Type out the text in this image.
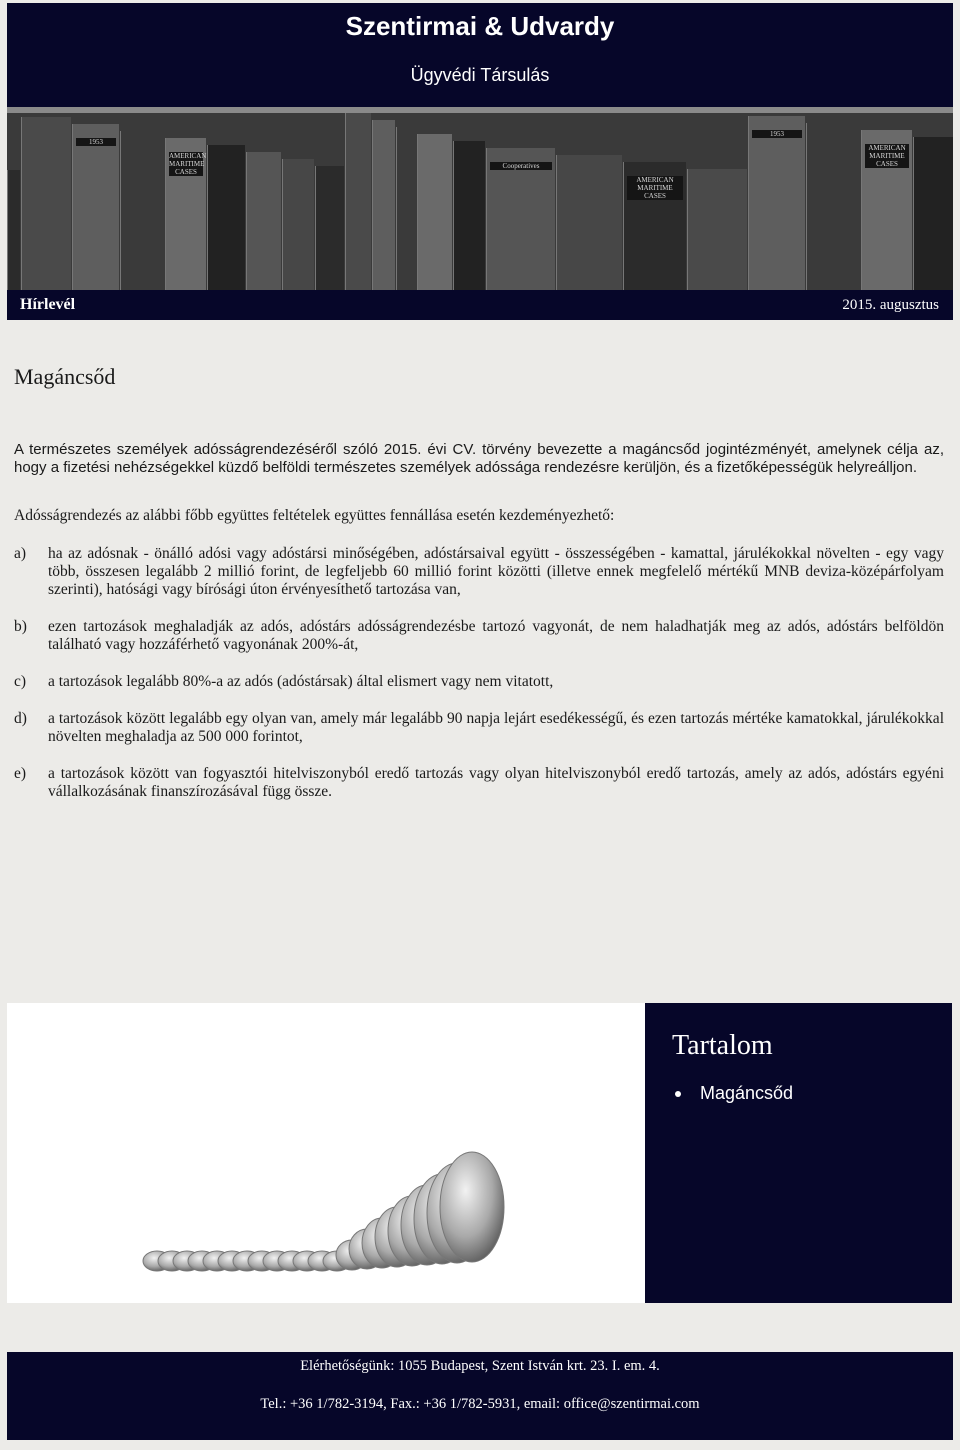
Szentirmai & Udvardy
Ügyvédi Társulás
1953
AMERICAN MARITIME CASES
Cooperatives
AMERICAN MARITIME CASES
1953
AMERICAN MARITIME CASES
Hírlevél	2015. augusztus
Magáncsőd

A természetes személyek adósságrendezéséről szóló 2015. évi CV. törvény bevezette a magáncsőd jogintézményét, amelynek célja az, hogy a fizetési nehézségekkel küzdő belföldi természetes személyek adóssága rendezésre kerüljön, és a fizetőképességük helyreálljon.

Adósságrendezés az alábbi főbb együttes feltételek együttes fennállása esetén kezdeményezhető:

a)	ha az adósnak - önálló adósi vagy adóstársi minőségében, adóstársaival együtt - összességében - kamattal, járulékokkal növelten - egy vagy több, összesen legalább 2 millió forint, de legfeljebb 60 millió forint közötti (illetve ennek megfelelő mértékű MNB deviza-középárfolyam szerinti), hatósági vagy bírósági úton érvényesíthető tartozása van,
b)	ezen tartozások meghaladják az adós, adóstárs adósságrendezésbe tartozó vagyonát, de nem haladhatják meg az adós, adóstárs belföldön található vagy hozzáférhető vagyonának 200%-át,
c)	a tartozások legalább 80%-a az adós (adóstársak) által elismert vagy nem vitatott,
d)	a tartozások között legalább egy olyan van, amely már legalább 90 napja lejárt esedékességű, és ezen tartozás mértéke kamatokkal, járulékokkal növelten meghaladja az 500 000 forintot,
e)	a tartozások között van fogyasztói hitelviszonyból eredő tartozás vagy olyan hitelviszonyból eredő tartozás, amely az adós, adóstárs egyéni vállalkozásának finanszírozásával függ össze.
Tartalom
Magáncsőd
Elérhetőségünk: 1055 Budapest, Szent István krt. 23. I. em. 4.
Tel.: +36 1/782-3194, Fax.: +36 1/782-5931, email: office@szentirmai.com
